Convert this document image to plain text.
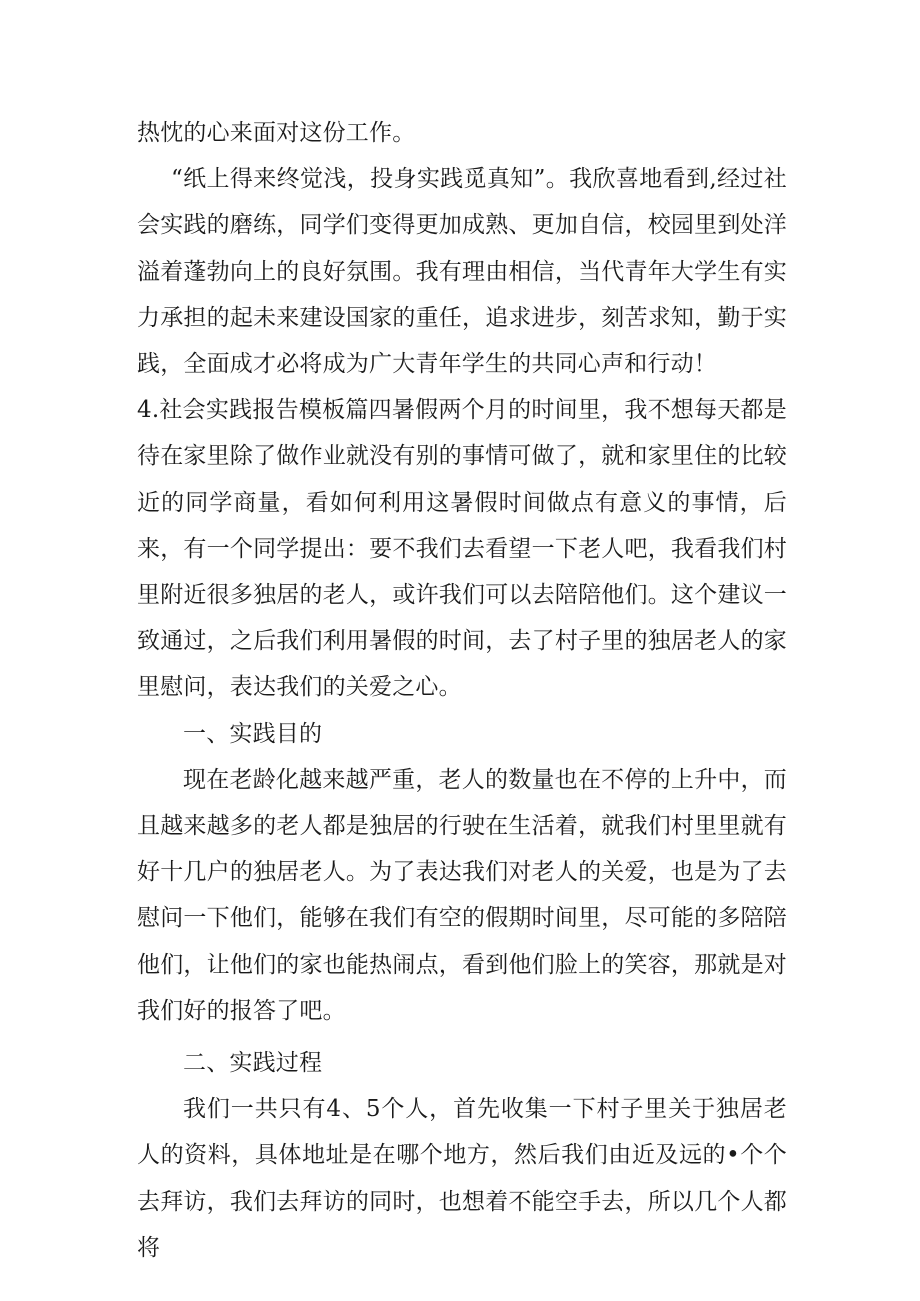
热忱的心来面对这份工作。

“纸上得来终觉浅，投身实践觅真知”。我欣喜地看到,经过社会实践的磨练，同学们变得更加成熟、更加自信，校园里到处洋溢着蓬勃向上的良好氛围。我有理由相信，当代青年大学生有实力承担的起未来建设国家的重任，追求进步，刻苦求知，勤于实践，全面成才必将成为广大青年学生的共同心声和行动！

4.社会实践报告模板篇四暑假两个月的时间里，我不想每天都是待在家里除了做作业就没有别的事情可做了，就和家里住的比较近的同学商量，看如何利用这暑假时间做点有意义的事情，后来，有一个同学提出：要不我们去看望一下老人吧，我看我们村里附近很多独居的老人，或许我们可以去陪陪他们。这个建议一致通过，之后我们利用暑假的时间，去了村子里的独居老人的家里慰问，表达我们的关爱之心。

一、实践目的

现在老龄化越来越严重，老人的数量也在不停的上升中，而且越来越多的老人都是独居的行驶在生活着，就我们村里里就有好十几户的独居老人。为了表达我们对老人的关爱，也是为了去慰问一下他们，能够在我们有空的假期时间里，尽可能的多陪陪他们，让他们的家也能热闹点，看到他们脸上的笑容，那就是对我们好的报答了吧。

二、实践过程

我们一共只有4、5个人，首先收集一下村子里关于独居老人的资料，具体地址是在哪个地方，然后我们由近及远的•个个去拜访，我们去拜访的同时，也想着不能空手去，所以几个人都将
